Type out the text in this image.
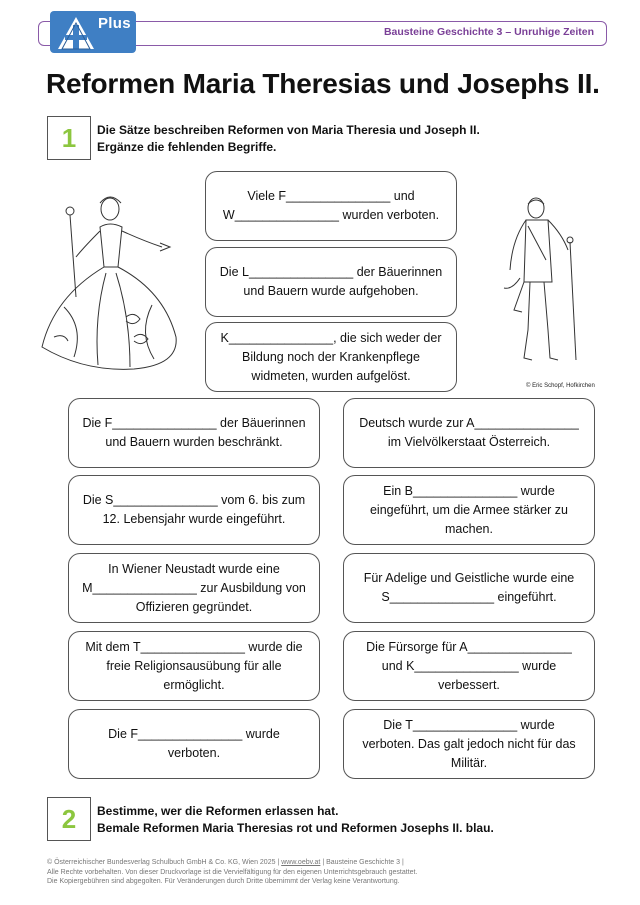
Bausteine Geschichte 3 – Unruhige Zeiten
Plus
Reformen Maria Theresias und Josephs II.
1	Die Sätze beschreiben Reformen von Maria Theresia und Joseph II.
Ergänze die fehlenden Begriffe.
© Eric Schopf, Hofkirchen
Viele F_______________ und
W_______________ wurden verboten.
Die L_______________ der Bäuerinnen
und Bauern wurde aufgehoben.
K_______________, die sich weder der
Bildung noch der Krankenpflege
widmeten, wurden aufgelöst.
Die F_______________ der Bäuerinnen
und Bauern wurden beschränkt.
Deutsch wurde zur A_______________
im Vielvölkerstaat Österreich.
Die S_______________ vom 6. bis zum
12. Lebensjahr wurde eingeführt.
Ein B_______________ wurde
eingeführt, um die Armee stärker zu
machen.
In Wiener Neustadt wurde eine
M_______________ zur Ausbildung von
Offizieren gegründet.
Für Adelige und Geistliche wurde eine
S_______________ eingeführt.
Mit dem T_______________ wurde die
freie Religionsausübung für alle
ermöglicht.
Die Fürsorge für A_______________
und K_______________ wurde
verbessert.
Die F_______________ wurde
verboten.
Die T_______________ wurde
verboten. Das galt jedoch nicht für das
Militär.
2	Bestimme, wer die Reformen erlassen hat.
Bemale Reformen Maria Theresias rot und Reformen Josephs II. blau.
© Österreichischer Bundesverlag Schulbuch GmbH & Co. KG, Wien 2025 | www.oebv.at | Bausteine Geschichte 3 |
Alle Rechte vorbehalten. Von dieser Druckvorlage ist die Vervielfältigung für den eigenen Unterrichtsgebrauch gestattet.
Die Kopiergebühren sind abgegolten. Für Veränderungen durch Dritte übernimmt der Verlag keine Verantwortung.
